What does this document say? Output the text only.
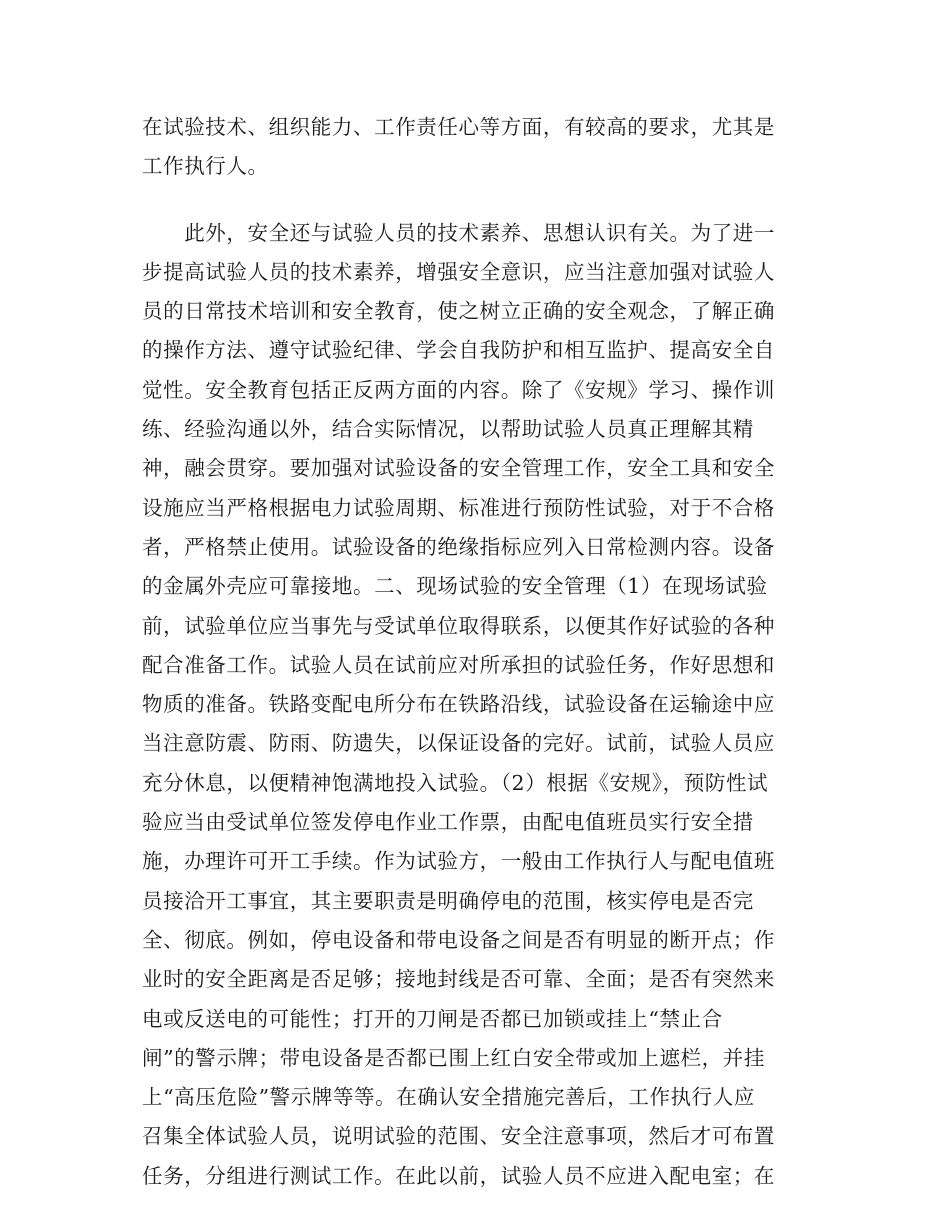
在试验技术、组织能力、工作责任心等方面，有较高的要求，尤其是
工作执行人。
　　此外，安全还与试验人员的技术素养、思想认识有关。为了进一
步提高试验人员的技术素养，增强安全意识，应当注意加强对试验人
员的日常技术培训和安全教育，使之树立正确的安全观念，了解正确
的操作方法、遵守试验纪律、学会自我防护和相互监护、提高安全自
觉性。安全教育包括正反两方面的内容。除了《安规》学习、操作训
练、经验沟通以外，结合实际情况，以帮助试验人员真正理解其精
神，融会贯穿。要加强对试验设备的安全管理工作，安全工具和安全
设施应当严格根据电力试验周期、标准进行预防性试验，对于不合格
者，严格禁止使用。试验设备的绝缘指标应列入日常检测内容。设备
的金属外壳应可靠接地。二、现场试验的安全管理（1）在现场试验
前，试验单位应当事先与受试单位取得联系，以便其作好试验的各种
配合准备工作。试验人员在试前应对所承担的试验任务，作好思想和
物质的准备。铁路变配电所分布在铁路沿线，试验设备在运输途中应
当注意防震、防雨、防遗失，以保证设备的完好。试前，试验人员应
充分休息，以便精神饱满地投入试验。（2）根据《安规》，预防性试
验应当由受试单位签发停电作业工作票，由配电值班员实行安全措
施，办理许可开工手续。作为试验方，一般由工作执行人与配电值班
员接洽开工事宜，其主要职责是明确停电的范围，核实停电是否完
全、彻底。例如，停电设备和带电设备之间是否有明显的断开点；作
业时的安全距离是否足够；接地封线是否可靠、全面；是否有突然来
电或反送电的可能性；打开的刀闸是否都已加锁或挂上“禁止合
闸”的警示牌；带电设备是否都已围上红白安全带或加上遮栏，并挂
上“高压危险”警示牌等等。在确认安全措施完善后，工作执行人应
召集全体试验人员，说明试验的范围、安全注意事项，然后才可布置
任务，分组进行测试工作。在此以前，试验人员不应进入配电室；在
